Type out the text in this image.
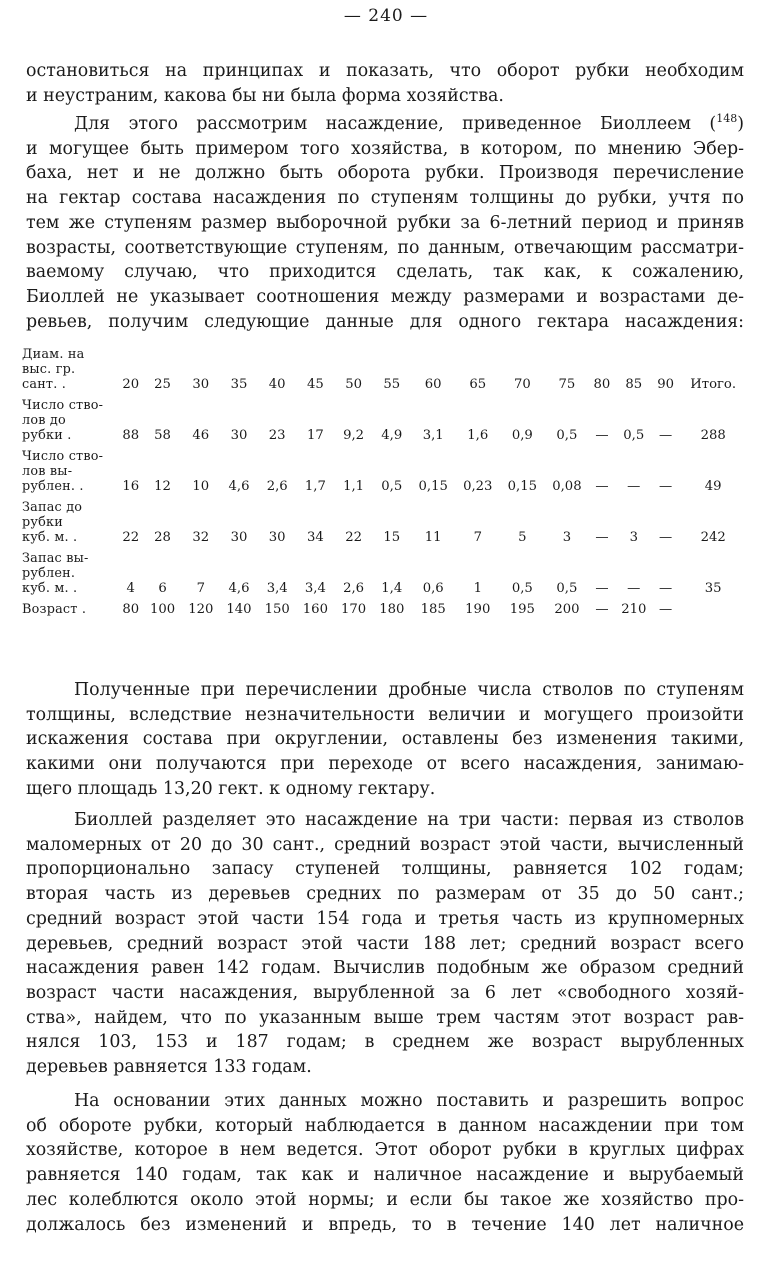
— 240 —
остановиться на принципах и показать, что оборот рубки необходим
и неустраним, какова бы ни была форма хозяйства.
Для этого рассмотрим насаждение, приведенное Биоллеем ($^{148}$)
и могущее быть примером того хозяйства, в котором, по мнению Эбер-
баха, нет и не должно быть оборота рубки. Производя перечисление
на гектар состава насаждения по ступеням толщины до рубки, учтя по
тем же ступеням размер выборочной рубки за 6-летний период и приняв
возрасты, соответствующие ступеням, по данным, отвечающим рассматри-
ваемому случаю, что приходится сделать, так как, к сожалению,
Биоллей не указывает соотношения между размерами и возрастами де-
ревьев, получим следующие данные для одного гектара насаждения:
Диам. на
выс. гр.
сант. .	20	25	30	35	40	45	50	55	60	65	70	75	80	85	90	Итого.

Число ство-
лов до
рубки .	88	58	46	30	23	17	9,2	4,9	3,1	1,6	0,9	0,5	—	0,5	—	288

Число ство-
лов вы-
рублен. .	16	12	10	4,6	2,6	1,7	1,1	0,5	0,15	0,23	0,15	0,08	—	—	—	49

Запас до
рубки
куб. м. .	22	28	32	30	30	34	22	15	11	7	5	3	—	3	—	242

Запас вы-
рублен.
куб. м. .	4	6	7	4,6	3,4	3,4	2,6	1,4	0,6	1	0,5	0,5	—	—	—	35

Возраст .	80	100	120	140	150	160	170	180	185	190	195	200	—	210	—	
Полученные при перечислении дробные числа стволов по ступеням
толщины, вследствие незначительности величии и могущего произойти
искажения состава при округлении, оставлены без изменения такими,
какими они получаются при переходе от всего насаждения, занимаю-
щего площадь 13,20 гект. к одному гектару.
Биоллей разделяет это насаждение на три части: первая из стволов
маломерных от 20 до 30 сант., средний возраст этой части, вычисленный
пропорционально запасу ступеней толщины, равняется 102 годам;
вторая часть из деревьев средних по размерам от 35 до 50 сант.;
средний возраст этой части 154 года и третья часть из крупномерных
деревьев, средний возраст этой части 188 лет; средний возраст всего
насаждения равен 142 годам. Вычислив подобным же образом средний
возраст части насаждения, вырубленной за 6 лет «свободного хозяй-
ства», найдем, что по указанным выше трем частям этот возраст рав-
нялся 103, 153 и 187 годам; в среднем же возраст вырубленных
деревьев равняется 133 годам.
На основании этих данных можно поставить и разрешить вопрос
об обороте рубки, который наблюдается в данном насаждении при том
хозяйстве, которое в нем ведется. Этот оборот рубки в круглых цифрах
равняется 140 годам, так как и наличное насаждение и вырубаемый
лес колеблются около этой нормы; и если бы такое же хозяйство про-
должалось без изменений и впредь, то в течение 140 лет наличное
